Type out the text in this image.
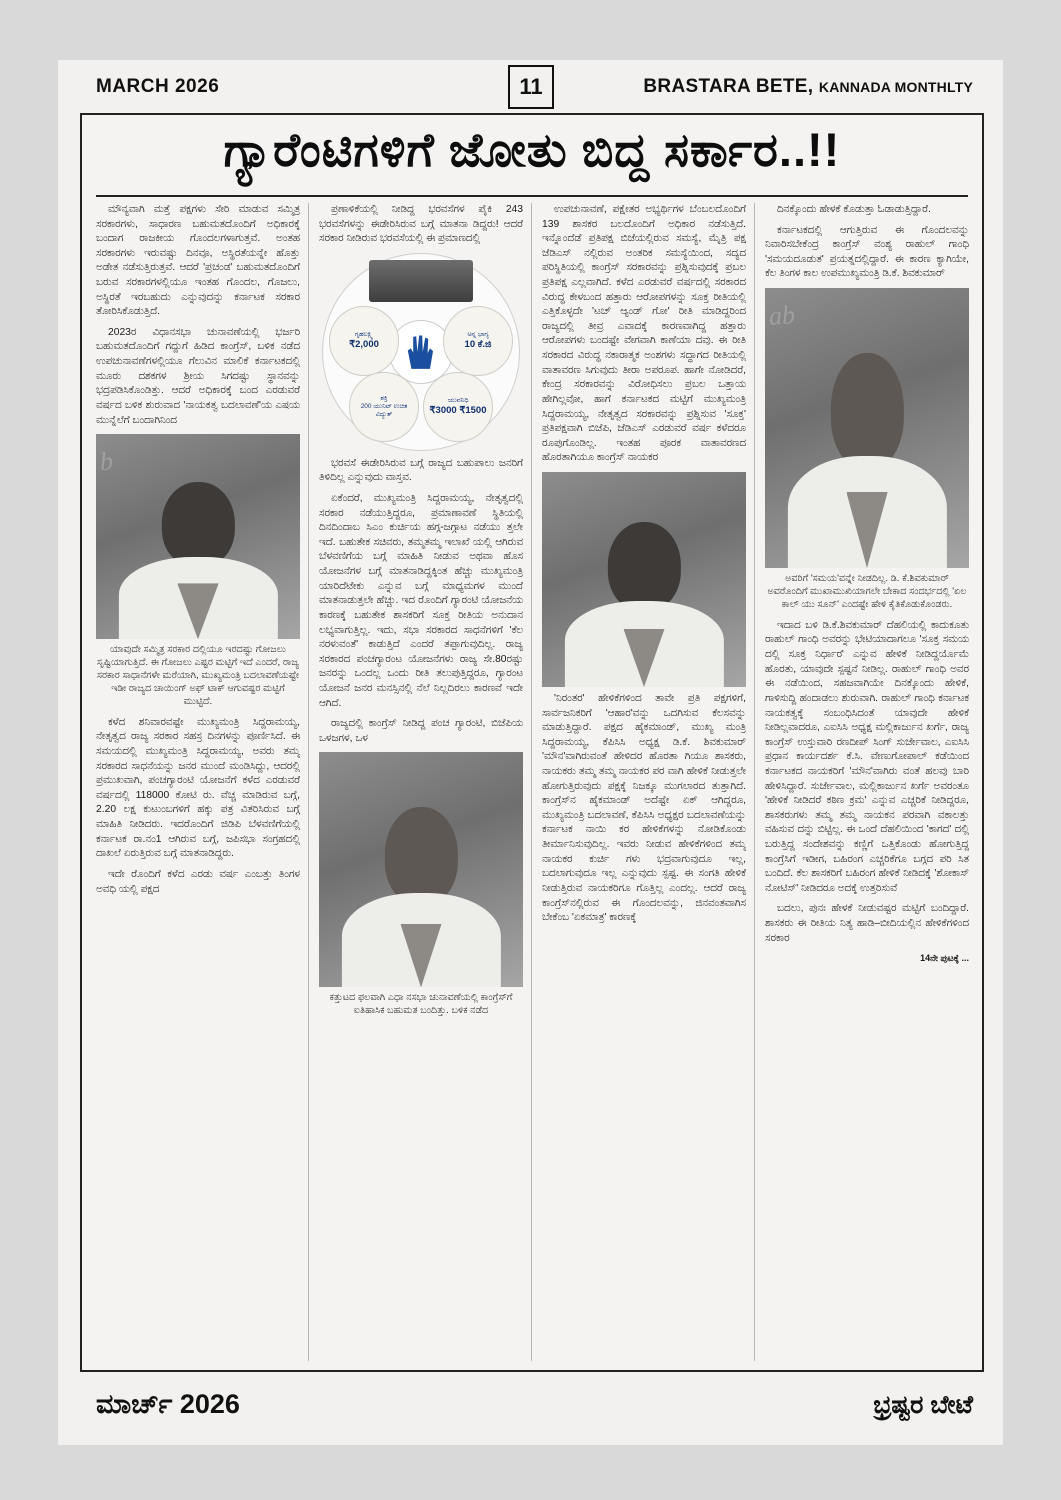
MARCH 2026	11	BRASTARA BETE, KANNADA MONTHLTY
ಗ್ಯಾರೆಂಟಿಗಳಿಗೆ ಜೋತು ಬಿದ್ದ ಸರ್ಕಾರ..!!

ಮೌನ್ಯವಾಗಿ ಮತ್ತೆ ಪಕ್ಷಗಳು ಸೇರಿ ಮಾಡುವ ಸಮ್ಮಿತ್ರ ಸರಕಾರಗಳು, ಸಾಧಾರಣ ಬಹುಮತದೊಂದಿಗೆ ಅಧಿಕಾರಕ್ಕೆ ಬಂದಾಗ ರಾಜಕೀಯ ಗೊಂದಲಗಳಾಗುತ್ತವೆ. ಅಂತಹ ಸರಕಾರಗಳು ಇರುವಷ್ಟು ದಿನವೂ, ಅಸ್ಥಿರತೆಯನ್ನೇ ಹೊತ್ತು ಅಡೇತ ನಡೆಸುತ್ತಿರುತ್ತವೆ. ಆದರೆ 'ಪ್ರಚಂಡ' ಬಹುಮತದೊಂದಿಗೆ ಬರುವ ಸರಕಾರಗಳಲ್ಲಿಯೂ ಇಂತಹ ಗೊಂದಲ, ಗೊಜಲು, ಅಸ್ಥಿರತೆ ಇರಬಹುದು ಎನ್ನುವುದನ್ನು ಕರ್ನಾಟಕ ಸರಕಾರ ತೋರಿಸಿಕೊಡುತ್ತಿದೆ.

2023ರ ವಿಧಾನಸಭಾ ಚುನಾವಣೆಯಲ್ಲಿ ಭರ್ಜರಿ ಬಹುಮತದೊಂದಿಗೆ ಗದ್ದುಗೆ ಹಿಡಿದ ಕಾಂಗ್ರೆಸ್, ಬಳಿಕ ನಡೆದ ಉಪಚುನಾವಣೆಗಳಲ್ಲಿಯೂ ಗೆಲುವಿನ ಮಾಲಿಕೆ ಕರ್ನಾಟಕದಲ್ಲಿ ಮೂರು ದಶಕಗಳ ಶ್ರೀಯ ಸಿಗದಷ್ಟು ಸ್ಥಾನವನ್ನು ಭದ್ರಪಡಿಸಿಕೊಂಡಿತ್ತು. ಆದರೆ ಅಧಿಕಾರಕ್ಕೆ ಬಂದ ಎರಡುವರೆ ವರ್ಷದ ಬಳಿಕ ಶುರುವಾದ 'ನಾಯಕತ್ವ ಬದಲಾವಣೆ'ಯ ಎಷಯ ಮುನ್ನೆಲೆಗೆ ಬಂದಾಗಿನಿಂದ

b
ಯಾವುದೇ ಸಮ್ಮಿತ್ರ ಸರಕಾರ ದಲ್ಲಿಯೂ ಇರದಷ್ಟು ಗೋಜಲು ಸೃಷ್ಟಿಯಾಗುತ್ತಿದೆ. ಈ ಗೋಜಲು ಎಷ್ಟರ ಮಟ್ಟಿಗೆ ಇದೆ ಎಂದರೆ, ರಾಜ್ಯ ಸರಕಾರ ಸಾಧಾನೆಗಳೇ ಮರೆಯಾಗಿ, ಮುಖ್ಯಮಂತ್ರಿ ಬದಲಾವಣೆಯಷ್ಟೇ ಇಡೀ ರಾಜ್ಯದ ಚಾಯಿಂಗ್ ಅಫ್ ಟಾಕ್ ಆಗುವಷ್ಟರ ಮಟ್ಟಿಗೆ ಮುಟ್ಟಿದೆ.

ಕಳೆದ ಶನಿವಾರವಷ್ಟೇ ಮುಖ್ಯಮಂತ್ರಿ ಸಿದ್ದರಾಮಯ್ಯ, ನೇತೃತ್ವದ ರಾಜ್ಯ ಸರಕಾರ ಸಹಸ್ರ ದಿನಗಳನ್ನು ಪೂರ್ಣಿಸಿದೆ. ಈ ಸಮಯದಲ್ಲಿ ಮುಖ್ಯಮಂತ್ರಿ ಸಿದ್ದರಾಮಯ್ಯ, ಅವರು ತಮ್ಮ ಸರಕಾರದ ಸಾಧನೆಯನ್ನು ಜನರ ಮುಂದೆ ಮಂಡಿಸಿದ್ದು, ಆದರಲ್ಲಿ ಪ್ರಮುಖವಾಗಿ, ಪಂಚಗ್ಯಾರಂಟಿ ಯೋಜನೆಗೆ ಕಳೆದ ಎರಡುವರೆ ವರ್ಷದಲ್ಲಿ 118000 ಕೋಟಿ ರು. ವೆಚ್ಚ ಮಾಡಿರುವ ಬಗ್ಗೆ, 2.20 ಲಕ್ಷ ಕುಟುಂಬಗಳಿಗೆ ಹಕ್ಕು ಪತ್ರ ವಿತರಿಸಿರುವ ಬಗ್ಗೆ ಮಾಹಿತಿ ನೀಡಿದರು. ಇದರೊಂದಿಗೆ ಜಿಡಿಪಿ ಬೆಳವಣಿಗೆಯಲ್ಲಿ ಕರ್ನಾಟಕ ರಾ.ನಂ1 ಆಗಿರುವ ಬಗ್ಗೆ, ಜಪಿಸಭಾ ಸಂಗ್ರಹದಲ್ಲಿ ದಾಖಲೆ ಏರುತ್ತಿರುವ ಬಗ್ಗೆ ಮಾತನಾಡಿದ್ದರು.

ಇದೇ ರೊಂದಿಗೆ ಕಳೆದ ಎರಡು ವರ್ಷ ಎಂಬತ್ತು ತಿಂಗಳ ಅವಧಿ ಯಲ್ಲಿ ಪಕ್ಷದ

ಪ್ರಣಾಳಿಕೆಯಲ್ಲಿ ನೀಡಿದ್ದ ಭರವಸೆಗಳ ಪೈಕಿ 243 ಭರವಸೆಗಳನ್ನು ಈಡೇರಿಸಿರುವ ಬಗ್ಗೆ ಮಾತನಾ ಡಿದ್ದರು! ಆದರೆ ಸರಕಾರ ನೀಡಿರುವ ಭರವಸೆಯಲ್ಲಿ ಈ ಪ್ರಮಾಣದಲ್ಲಿ

ಗೃಹಲಕ್ಷ್ಮಿ
₹2,000
ಅನ್ನ ಭಾಗ್ಯ
10 ಕೆ.ಜಿ
ಶಕ್ತಿ
200 ಯುನಿಟ್ ಉಚಿತ ವಿದ್ಯುತ್
ಯುವನಿಧಿ
₹3000 ₹1500

ಭರವಸೆ ಈಡೇರಿಸಿರುವ ಬಗ್ಗೆ ರಾಜ್ಯದ ಬಹುಪಾಲು ಜನರಿಗೆ ತಿಳಿದಿಲ್ಲ ಎನ್ನುವುದು ವಾಸ್ತವ.

ಏಕೆಂದರೆ, ಮುಖ್ಯಮಂತ್ರಿ ಸಿದ್ದರಾಮಯ್ಯ, ನೇತೃತ್ವದಲ್ಲಿ ಸರಕಾರ ನಡೆಯುತ್ತಿದ್ದರೂ, ಪ್ರಮಾಣಾವಣೆ ಸ್ಥಿತಿಯಲ್ಲಿ ದಿನದಿಂದಾಬ ಸಿಎಂ ಕುರ್ಚಿಯ ಹಗ್ಗ-ಜಗ್ಗಾಟ ನಡೆಯು ತ್ತಲೇ ಇದೆ. ಬಹುತೇಕ ಸಚಿವರು, ತಮ್ಮತಮ್ಮ ಇಲಾಖೆ ಯಲ್ಲಿ ಆಗಿರುವ ಬೆಳವಣಿಗೆಯ ಬಗ್ಗೆ ಮಾಹಿತಿ ನೀಡುವ ಅಥವಾ ಹೊಸ ಯೋಜನೆಗಳ ಬಗ್ಗೆ ಮಾತನಾಡಿದ್ದಕ್ಕಿಂತ ಹೆಚ್ಚು ಮುಖ್ಯಮಂತ್ರಿ ಯಾರಿದೆಟೇಕು ಎನ್ನುವ ಬಗ್ಗೆ ಮಾಧ್ಯಮಗಳ ಮುಂದೆ ಮಾತನಾಡುತ್ತಲೇ ಹೆಚ್ಚು. ಇದ ರೊಂದಿಗೆ ಗ್ಯಾರಂಟಿ ಯೋಜನೆಯ ಕಾರಣಕ್ಕೆ ಬಹುತೇಕ ಶಾಸಕರಿಗೆ ಸೂಕ್ತ ರೀತಿಯ ಅನುದಾನ ಲಭ್ಯವಾಗುತ್ತಿಲ್ಲ. ಇದು, ಸಭಾ ಸರಕಾರದ ಸಾಧನೆಗಳಿಗೆ 'ಕೆಲ ನರಳುವಂತೆ' ಕಾಡುತ್ತಿದೆ ಎಂದರೆ ತಪ್ಪಾಗುವುದಿಲ್ಲ. ರಾಜ್ಯ ಸರಕಾರದ ಪಂಚಗ್ಯಾರಂಟ ಯೋಜನೆಗಳು ರಾಜ್ಯ ಸೇ.80ರಷ್ಟು ಜನರನ್ನು ಒಂದಲ್ಲ ಒಂದು ರೀತಿ ತಲುಪುತ್ತಿದ್ದರೂ, ಗ್ಯಾರಂಟ ಯೋಜನೆ ಜನರ ಮನಸ್ಸಿನಲ್ಲಿ ನೆಲೆ ನಿಲ್ಲದಿರಲು ಕಾರಣವೆ ಇದೇ ಆಗಿದೆ.

ರಾಜ್ಯದಲ್ಲಿ ಕಾಂಗ್ರೆಸ್ ನೀಡಿದ್ದ ಪಂಚ ಗ್ಯಾರಂಟಿ, ಬಿಜೆಪಿಯ ಒಳಜಗಳ, ಒಳ

ಕತ್ತುಟದ ಫಲವಾಗಿ ಎಧಾ ನಸಭಾ ಚುನಾವಣೆಯಲ್ಲಿ ಕಾಂಗ್ರೆಸ್‌ಗೆ ಐತಿಹಾಸಿಕ ಬಹುಮತ ಬಂದಿತ್ತು. ಬಳಿಕ ನಡೆದ

ಉಪಚುನಾವಣೆ, ಪಕ್ಷೇತರ ಅಭ್ಯರ್ಥಿಗಳ ಬೆಂಬಲದೊಂದಿಗೆ 139 ಶಾಸಕರ ಬಲದೊಂದಿಗೆ ಅಧಿಕಾರ ನಡೆಸುತ್ತಿದೆ. ಇನ್ನೊಂದೆಡೆ ಪ್ರತಿಪಕ್ಷ ಬಿಜೆಯಲ್ಲಿರುವ ಸಮಸ್ಯೆ, ಮೈತ್ರಿ ಪಕ್ಷ ಜೆಡಿಎಸ್ ನಲ್ಲಿರುವ ಅಂತರಿಕ ಸಮಸ್ಯೆಯಿಂದ, ಸದ್ಯದ ಪರಿಸ್ಥಿತಿಯಲ್ಲಿ ಕಾಂಗ್ರೆಸ್ ಸರಕಾರವನ್ನು ಪ್ರಶ್ನಿಸುವುದಕ್ಕೆ ಪ್ರಬಲ ಪ್ರತಿಪಕ್ಷ ಎಲ್ಲವಾಗಿದೆ. ಕಳೆದ ಎರಡುವರೆ ವರ್ಷದಲ್ಲಿ ಸರಕಾರದ ವಿರುದ್ಧ ಕೇಳಬಂದ ಹತ್ತಾರು ಆರೋಪಗಳನ್ನು ಸೂಕ್ತ ರೀತಿಯಲ್ಲಿ ಎತ್ತಿಕೊಳ್ಳದೇ 'ಟಚ್ ಆ್ಯಂಡ್ ಗೋ' ರೀತಿ ಮಾಡಿದ್ದರಿಂದ ರಾಜ್ಯದಲ್ಲಿ ತೀವ್ರ ಎವಾದಕ್ಕೆ ಕಾರಣವಾಗಿದ್ದ ಹತ್ತಾರು ಆರೋಪಗಳು ಬಂದಷ್ಟೇ ವೇಗವಾಗಿ ಕಾಣೆಯಾ ದವು. ಈ ರೀತಿ ಸರಕಾರದ ವಿರುದ್ಧ ನಕಾರಾತ್ಮಕ ಅಂಶಗಳು ಸದ್ಧಾಗದ ರೀತಿಯಲ್ಲಿ ವಾತಾವರಣ ಸಿಗುವುದು ತೀರಾ ಅಪರೂಪ. ಹಾಗೇ ನೋಡಿದರೆ, ಕೇಂದ್ರ ಸರಕಾರವನ್ನು ವಿರೋಧಿಸಲು ಪ್ರಬಲ ಒತ್ತಾಯ ಹೇಗಿಲ್ಲವೋ, ಹಾಗೆ ಕರ್ನಾಟಕದ ಮಟ್ಟಿಗೆ ಮುಖ್ಯಮಂತ್ರಿ ಸಿದ್ದರಾಮಯ್ಯ, ನೇತೃತ್ವದ ಸರಕಾರವನ್ನು ಪ್ರಶ್ನಿಸುವ 'ಸೂಕ್ತ' ಪ್ರತಿಪಕ್ಷವಾಗಿ ಬಿಜೆಪಿ, ಜೆಡಿಎಸ್ ಎರಡುವರೆ ವರ್ಷ ಕಳೆದರೂ ರೂಪುಗೊಂಡಿಲ್ಲ. ಇಂತಹ ಪೂರಕ ವಾತಾವರಣದ ಹೊರತಾಗಿಯೂ ಕಾಂಗ್ರೆಸ್ ನಾಯಕರ

'ನಿರಂತರ' ಹೇಳಿಕೆಗಳಿಂದ ತಾವೇ ಪ್ರತಿ ಪಕ್ಷಗಳಿಗೆ, ಸಾರ್ವಜನಿಕರಿಗೆ 'ಆಹಾರ'ವನ್ನು ಒದಗಿಸುವ ಕೆಲಸವನ್ನು ಮಾಡುತ್ತಿದ್ದಾರೆ. ಪಕ್ಷದ ಹೈಕಮಾಂಡ್, ಮುಖ್ಯ ಮಂತ್ರಿ ಸಿದ್ದರಾಮಯ್ಯ, ಕೆಪಿಸಿಸಿ ಅಧ್ಯಕ್ಷ ಡಿ.ಕೆ. ಶಿವಕುಮಾರ್ 'ಮೌನ'ವಾಗಿರುವಂತೆ ಹೇಳಿದರ ಹೊರತಾ ಗಿಯೂ ಶಾಸಕರು, ನಾಯಕರು ತಮ್ಮ ತಮ್ಮ ನಾಯಕರ ಪರ ವಾಗಿ ಹೇಳಿಕೆ ನೀಡುತ್ತಲೇ ಹೋಗುತ್ತಿರುವುದು ಪಕ್ಷಕ್ಕೆ ನಿಜಕ್ಕೂ ಮುಗಲಾರದ ತುತ್ತಾಗಿದೆ. ಕಾಂಗ್ರೆಸ್‌ನ ಹೈಕಮಾಂಡ್ ಅದೆಷ್ಟೇ ಏಕ್ ಆಗಿದ್ದರೂ, ಮುಖ್ಯಮಂತ್ರಿ ಬದಲಾವಣೆ, ಕೆಪಿಸಿಸಿ ಅಧ್ಯಕ್ಷರ ಬದಲಾವಣೆಯನ್ನು ಕರ್ನಾಟಕ ನಾಯಿ ಕರ ಹೇಳಿಕೆಗಳನ್ನು ನೋಡಿಕೊಂಡು ತೀರ್ಮಾನಿಸುವುದಿಲ್ಲ. ಇವರು ನೀಡುವ ಹೇಳಿಕೆಗಳಿಂದ ತಮ್ಮ ನಾಯಕರ ಕುರ್ಚಿ ಗಳು ಭದ್ರವಾಗುವುದೂ ಇಲ್ಲ, ಬದಲಾಗುವುದೂ ಇಲ್ಲ ಎನ್ನುವುದು ಸ್ಪಷ್ಟ. ಈ ಸಂಗತಿ ಹೇಳಿಕೆ ನೀಡುತ್ತಿರುವ ನಾಯಕರಿಗೂ ಗೊತ್ತಿಲ್ಲ ಎಂದಲ್ಲ. ಆದರೆ ರಾಜ್ಯ ಕಾಂಗ್ರೆಸ್‌ನಲ್ಲಿರುವ ಈ ಗೊಂದಲವನ್ನು, ಜಿನವಂತವಾಗಿಸ ಬೇಕೆಂಬ 'ಏಕಮಾತ್ರ' ಕಾರಣಕ್ಕೆ

ದಿನಕ್ಕೊಂದು ಹೇಳಕೆ ಕೊಡುತ್ತಾ ಓಡಾಡುತ್ತಿದ್ದಾರೆ.

ಕರ್ನಾಟಕದಲ್ಲಿ ಆಗುತ್ತಿರುವ ಈ ಗೊಂದಲವನ್ನು ನಿವಾರಿಸಬೇಕೆಂದ್ರ ಕಾಂಗ್ರೆಸ್ ವಂಶ್ಯ ರಾಹುಲ್ ಗಾಂಧಿ 'ಸಮಯದೂಡುತ' ಪ್ರಯತ್ನದಲ್ಲಿದ್ದಾರೆ. ಈ ಕಾರಣ ಕ್ಯಾಗಿಯೇ, ಕೆಲ ತಿಂಗಳ ಕಾಲ ಉಪಮುಖ್ಯಮಂತ್ರಿ ಡಿ.ಕೆ. ಶಿವಕುಮಾರ್

ab
ಅವರಿಗೆ 'ಸಮಯ'ವನ್ನೇ ನೀಡದಿಲ್ಲ. ಡಿ. ಕೆ.ಶಿವಕುಮಾರ್ ಅವರೊಂದಿಗೆ ಮುಖಾಮುಖಿಯಾಗಲೇ ಬೇಕಾದ ಸಂದರ್ಭದಲ್ಲಿ 'ಏಲ ಕಾಲ್ ಯು ಸೂನ್' ಎಂದಷ್ಟೇ ಹೇಳಿ ಕೈತಿಕೊಡುಕೊಂಡರು.

ಇದಾದ ಬಳಿ ಡಿ.ಕೆ.ಶಿವಕುಮಾರ್ ದೆಹಲಿಯಲ್ಲಿ ಕಾದುಕೂತು ರಾಹುಲ್ ಗಾಂಧಿ ಅವರನ್ನು ಭೇಟಿಯಾದಾಗಲೂ 'ಸೂಕ್ತ ಸಮಯ ದಲ್ಲಿ ಸೂಕ್ತ ನಿರ್ಧಾರ' ಎನ್ನುವ ಹೇಳಿಕೆ ನೀಡಿದ್ದರ್ಯೊಮೆ ಹೊರತು, ಯಾವುದೇ ಸ್ಪಷ್ಟನೆ ನೀಡಿಲ್ಲ. ರಾಹುಲ್ ಗಾಂಧಿ ಅವರ ಈ ನಡೆಯಿಂದ, ಸಹಜವಾಗಿಯೇ ದಿನಕ್ಕೊಂದು ಹೇಳಿಕೆ, ಗಾಳಿಸುದ್ದಿ ಹಂದಾಡಲು ಶುರುವಾಗಿ. ರಾಹುಲ್ ಗಾಂಧಿ ಕರ್ನಾಟಕ ನಾಯಕತ್ವಕ್ಕೆ ಸಂಬಂಧಿಸಿದಂತೆ ಯಾವುದೇ ಹೇಳಿಕೆ ನೀಡಿಲ್ಲವಾದರೂ, ಎಐಸಿಸಿ ಅಧ್ಯಕ್ಷ ಮಲ್ಲಿಕಾರ್ಜುನ ಖರ್ಗೆ, ರಾಜ್ಯ ಕಾಂಗ್ರೆಸ್ ಉಸ್ತುವಾರಿ ರಣದೀಪ್ ಸಿಂಗ್ ಸುರ್ಜೇವಾಲ, ಎಐಸಿಸಿ ಪ್ರಧಾನ ಕಾರ್ಯದರ್ಶ ಕೆ.ಸಿ. ವೇಣುಗೋಪಾಲ್ ಕಡೆಯಿಂದ ಕರ್ನಾಟಕದ ನಾಯಕರಿಗೆ 'ಮೌನ'ವಾಗಿರು ವಂತೆ ಹಲವು ಬಾರಿ ಹೇಳಿಸಿದ್ದಾರೆ. ಸುರ್ಜೇವಾಲ, ಮಲ್ಲಿಕಾರ್ಜುನ ಖರ್ಗೆ ಅವರಂತೂ 'ಹೇಳಿಕೆ ನೀಡಿದರೆ ಕಠಿಣ ಕ್ರಮ' ಎನ್ನುವ ಎಚ್ಚರಿಕೆ ನೀಡಿದ್ದರೂ, ಶಾಸಕರುಗಳು ತಮ್ಮ ತಮ್ಮ ನಾಯಕನ ಪರವಾಗಿ ವಕಾಲತ್ತು ವಹಿಸುವ ದನ್ನು ಬಿಟ್ಟಿಲ್ಲ. ಈ ಒಂದೆ ದೆಹಲಿಯಿಂದ 'ಕಾಗದ' ದಲ್ಲಿ ಬರುತ್ತಿದ್ದ ಸಂದೇಶವನ್ನು ಕಣ್ಣಿಗೆ ಒತ್ತಿಕೊಂಡು ಹೋಗುತ್ತಿದ್ದ ಕಾಂಗ್ರೆಸಿಗೆ ಇಡೀಗ, ಬಹಿರಂಗ ಎಚ್ಚರಿಕೆಗೂ ಬಗ್ಗದ ಪರಿ ಸಿತ ಬಂದಿದೆ. ಕೆಲ ಶಾಸಕರಿಗೆ ಬಹಿರಂಗ ಹೇಳಿಕೆ ನೀಡಿದಕ್ಕೆ 'ಶೋಕಾಸ್ ನೋಟಿಸ್' ನೀಡಿದರೂ ಅದಕ್ಕೆ ಉತ್ತರಿಸುವೆ

ಬದಲು, ಪುನಃ ಹೇಳಕೆ ನೀಡುವಷ್ಟರ ಮಟ್ಟಿಗೆ ಬಂದಿದ್ದಾರೆ. ಶಾಸಕರು ಈ ರೀತಿಯ ನಿತ್ಯ ಹಾಡಿ–ಬೀದಿಯಲ್ಲಿನ ಹೇಳಿಕೆಗಳಿಂದ ಸರಕಾರ

14ನೇ ಪುಟಕ್ಕೆ ...
ಮಾರ್ಚ್ 2026	ಭ್ರಷ್ಟರ ಬೇಟೆ
